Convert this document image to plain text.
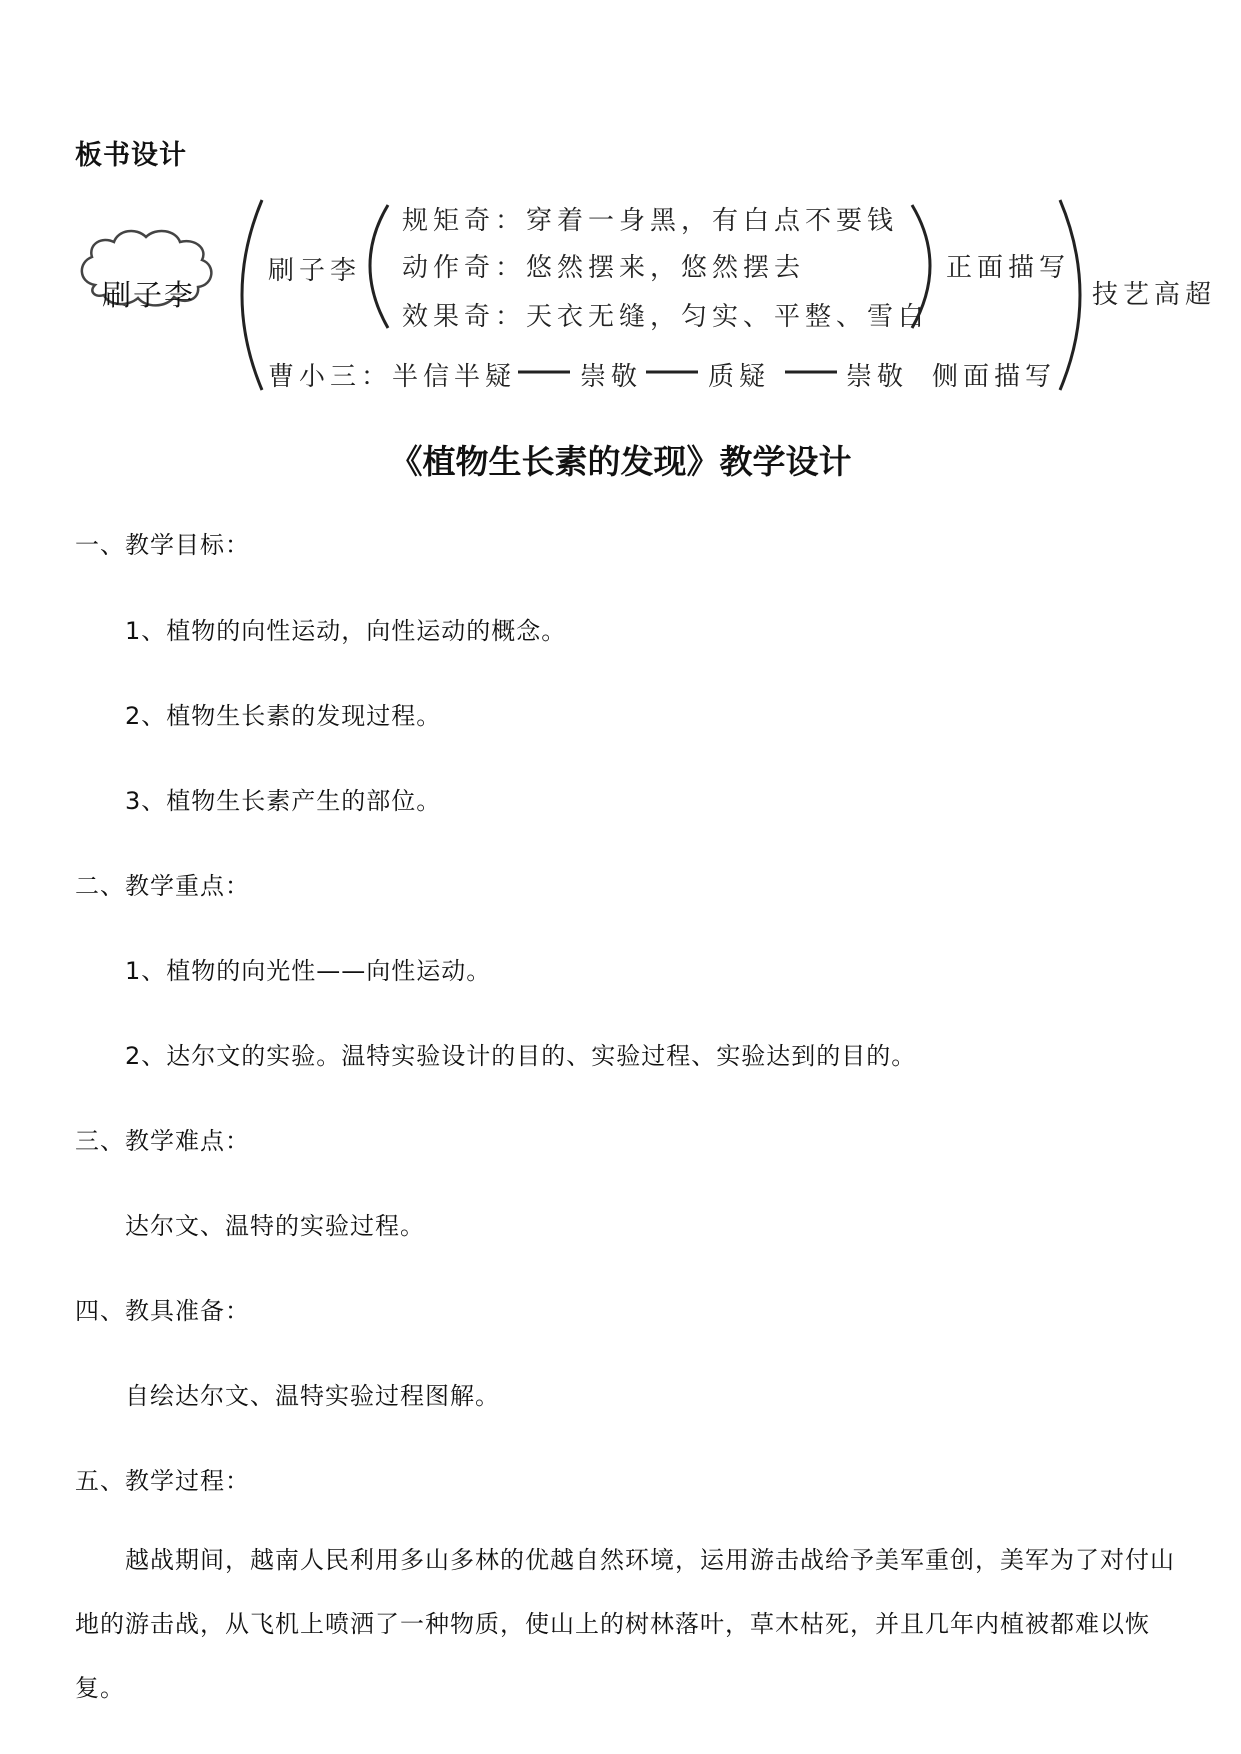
板书设计
刷子李
刷子李
规矩奇：穿着一身黑，有白点不要钱
动作奇：悠然摆来，悠然摆去
效果奇：天衣无缝，匀实、平整、雪白
正面描写
曹小三：半信半疑 崇敬	质疑	崇敬 侧面描写
技艺高超
《植物生长素的发现》教学设计
一、教学目标：
1、植物的向性运动，向性运动的概念。
2、植物生长素的发现过程。
3、植物生长素产生的部位。
二、教学重点：
1、植物的向光性——向性运动。
2、达尔文的实验。温特实验设计的目的、实验过程、实验达到的目的。
三、教学难点：
达尔文、温特的实验过程。
四、教具准备：
自绘达尔文、温特实验过程图解。
五、教学过程：
越战期间，越南人民利用多山多林的优越自然环境，运用游击战给予美军重创，美军为了对付山地的游击战，从飞机上喷洒了一种物质，使山上的树林落叶，草木枯死，并且几年内植被都难以恢复。
